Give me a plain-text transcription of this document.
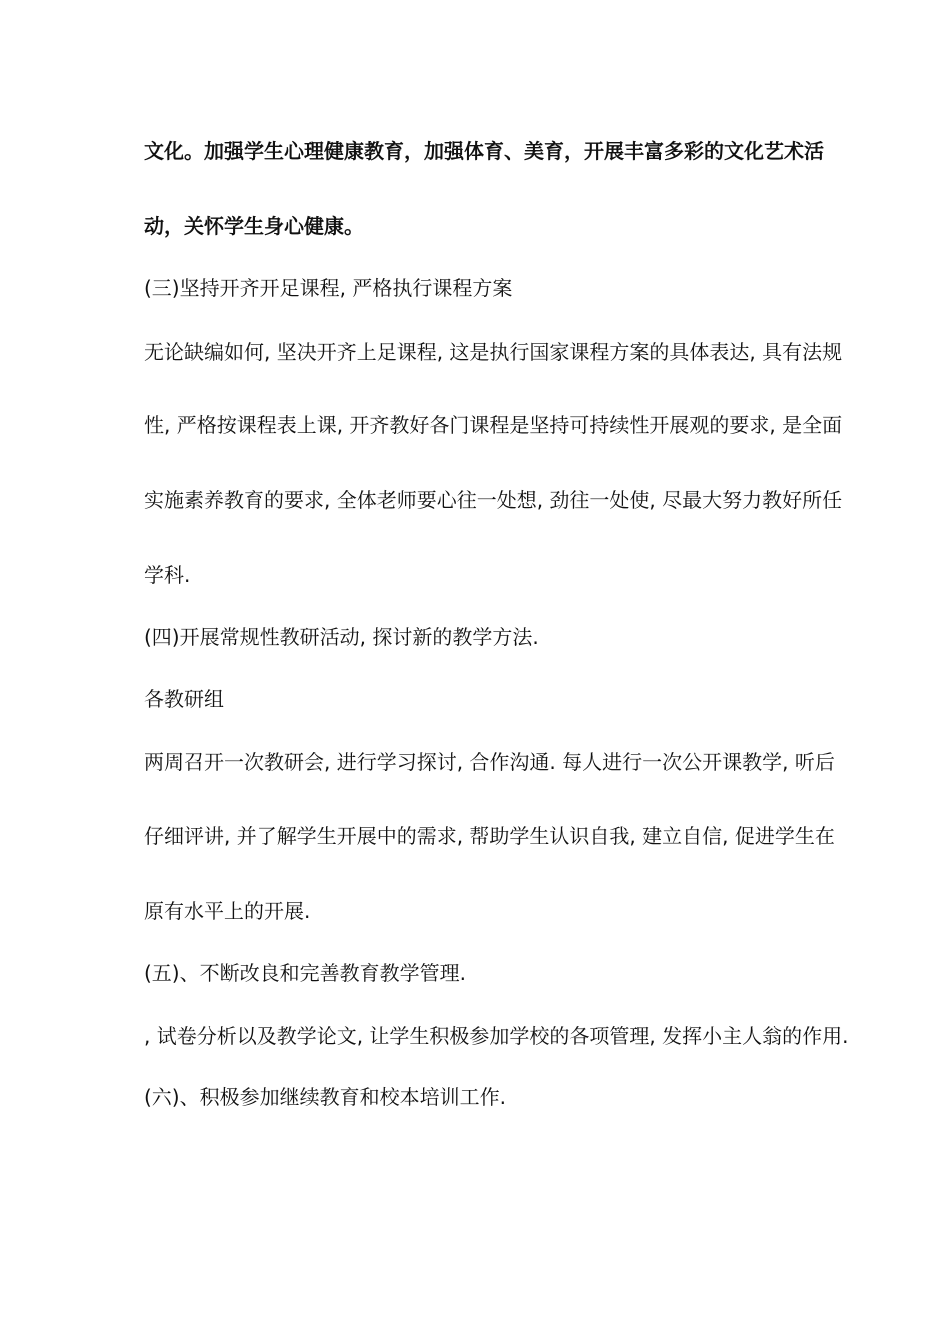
文化。加强学生心理健康教育，加强体育、美育，开展丰富多彩的文化艺术活
动，关怀学生身心健康。
(三)坚持开齐开足课程, 严格执行课程方案
无论缺编如何, 坚决开齐上足课程, 这是执行国家课程方案的具体表达, 具有法规
性, 严格按课程表上课, 开齐教好各门课程是坚持可持续性开展观的要求, 是全面
实施素养教育的要求, 全体老师要心往一处想, 劲往一处使, 尽最大努力教好所任
学科.
(四)开展常规性教研活动, 探讨新的教学方法.
各教研组
两周召开一次教研会, 进行学习探讨, 合作沟通. 每人进行一次公开课教学, 听后
仔细评讲, 并了解学生开展中的需求, 帮助学生认识自我, 建立自信, 促进学生在
原有水平上的开展.
(五)、不断改良和完善教育教学管理.
, 试卷分析以及教学论文, 让学生积极参加学校的各项管理, 发挥小主人翁的作用.
(六)、积极参加继续教育和校本培训工作.
